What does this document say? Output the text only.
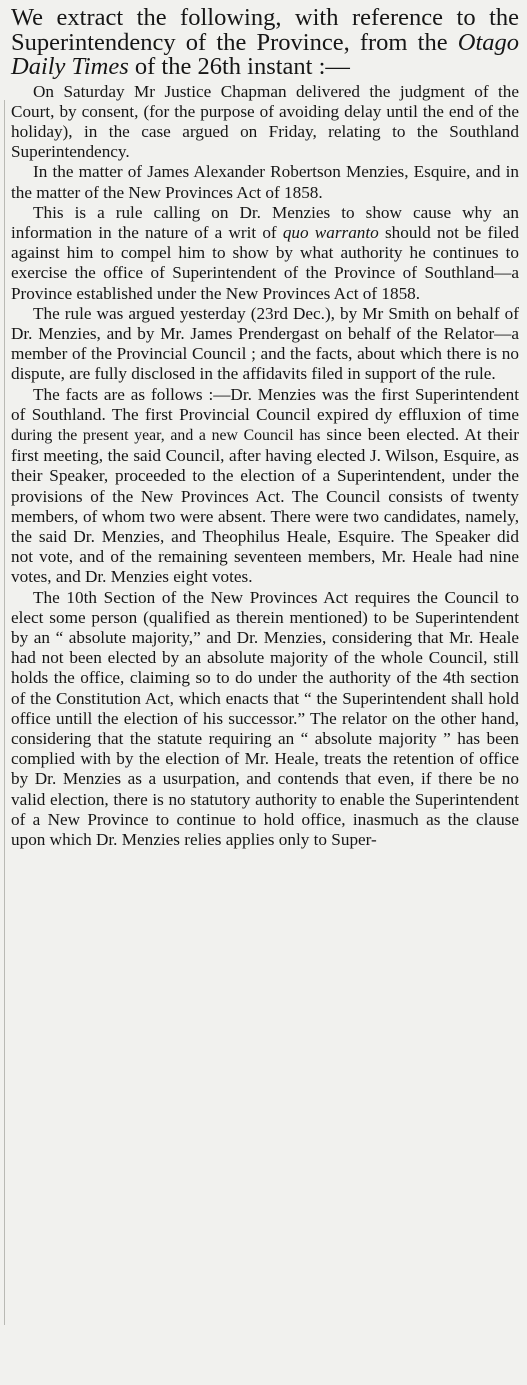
We extract the following, with reference to the Superintendency of the Province, from the Otago Daily Times of the 26th instant :—

On Saturday Mr Justice Chapman delivered the judgment of the Court, by consent, (for the purpose of avoiding delay until the end of the holiday), in the case argued on Friday, relating to the Southland Superintendency.

In the matter of James Alexander Robertson Menzies, Esquire, and in the matter of the New Provinces Act of 1858.

This is a rule calling on Dr. Menzies to show cause why an information in the nature of a writ of quo warranto should not be filed against him to compel him to show by what authority he continues to exercise the office of Superintendent of the Province of Southland—a Province established under the New Provinces Act of 1858.

The rule was argued yesterday (23rd Dec.), by Mr Smith on behalf of Dr. Menzies, and by Mr. James Prendergast on behalf of the Relator—a member of the Provincial Council ; and the facts, about which there is no dispute, are fully disclosed in the affidavits filed in support of the rule.

The facts are as follows :—Dr. Menzies was the first Superintendent of Southland. The first Provincial Council expired dy effluxion of time during the present year, and a new Council has since been elected. At their first meeting, the said Council, after having elected J. Wilson, Esquire, as their Speaker, proceeded to the election of a Superintendent, under the provisions of the New Provinces Act. The Council consists of twenty members, of whom two were absent. There were two candidates, namely, the said Dr. Menzies, and Theophilus Heale, Esquire. The Speaker did not vote, and of the remaining seventeen members, Mr. Heale had nine votes, and Dr. Menzies eight votes.

The 10th Section of the New Provinces Act requires the Council to elect some person (qualified as therein mentioned) to be Superintendent by an “ absolute majority,” and Dr. Menzies, considering that Mr. Heale had not been elected by an absolute majority of the whole Council, still holds the office, claiming so to do under the authority of the 4th section of the Constitution Act, which enacts that “ the Superintendent shall hold office untill the election of his successor.” The relator on the other hand, considering that the statute requiring an “ absolute majority ” has been complied with by the election of Mr. Heale, treats the retention of office by Dr. Menzies as a usurpation, and contends that even, if there be no valid election, there is no statutory authority to enable the Superintendent of a New Province to continue to hold office, inasmuch as the clause upon which Dr. Menzies relies applies only to Super-
